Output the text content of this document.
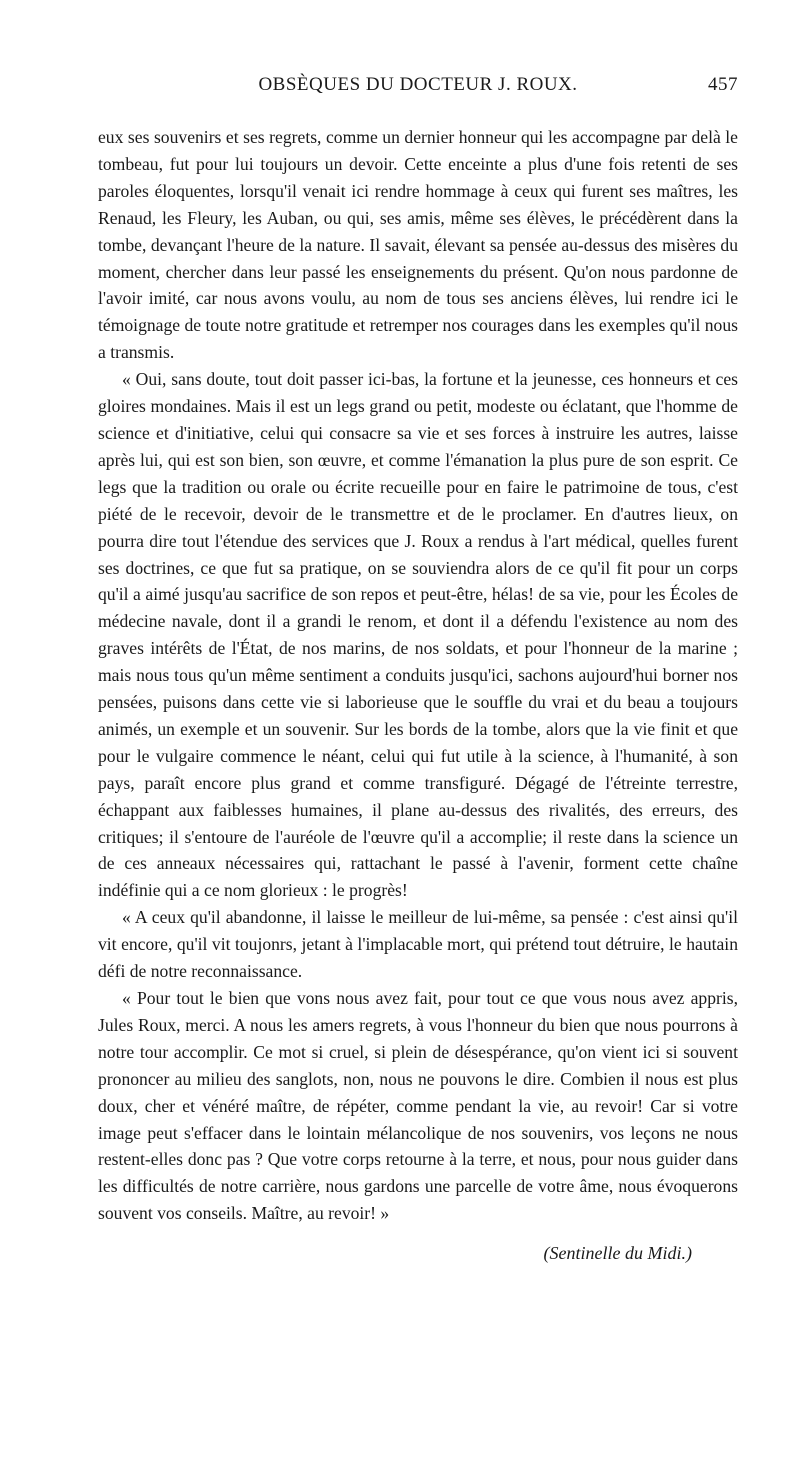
OBSÈQUES DU DOCTEUR J. ROUX.	457

eux ses souvenirs et ses regrets, comme un dernier honneur qui les accompagne par delà le tombeau, fut pour lui toujours un devoir. Cette enceinte a plus d'une fois retenti de ses paroles éloquentes, lorsqu'il venait ici rendre hommage à ceux qui furent ses maîtres, les Renaud, les Fleury, les Auban, ou qui, ses amis, même ses élèves, le précédèrent dans la tombe, devançant l'heure de la nature. Il savait, élevant sa pensée au-dessus des misères du moment, chercher dans leur passé les enseignements du présent. Qu'on nous pardonne de l'avoir imité, car nous avons voulu, au nom de tous ses anciens élèves, lui rendre ici le témoignage de toute notre gratitude et retremper nos courages dans les exemples qu'il nous a transmis.

« Oui, sans doute, tout doit passer ici-bas, la fortune et la jeunesse, ces honneurs et ces gloires mondaines. Mais il est un legs grand ou petit, modeste ou éclatant, que l'homme de science et d'initiative, celui qui consacre sa vie et ses forces à instruire les autres, laisse après lui, qui est son bien, son œuvre, et comme l'émanation la plus pure de son esprit. Ce legs que la tradition ou orale ou écrite recueille pour en faire le patrimoine de tous, c'est piété de le recevoir, devoir de le transmettre et de le proclamer. En d'autres lieux, on pourra dire tout l'étendue des services que J. Roux a rendus à l'art médical, quelles furent ses doctrines, ce que fut sa pratique, on se souviendra alors de ce qu'il fit pour un corps qu'il a aimé jusqu'au sacrifice de son repos et peut-être, hélas! de sa vie, pour les Écoles de médecine navale, dont il a grandi le renom, et dont il a défendu l'existence au nom des graves intérêts de l'État, de nos marins, de nos soldats, et pour l'honneur de la marine ; mais nous tous qu'un même sentiment a conduits jusqu'ici, sachons aujourd'hui borner nos pensées, puisons dans cette vie si laborieuse que le souffle du vrai et du beau a toujours animés, un exemple et un souvenir. Sur les bords de la tombe, alors que la vie finit et que pour le vulgaire commence le néant, celui qui fut utile à la science, à l'humanité, à son pays, paraît encore plus grand et comme transfiguré. Dégagé de l'étreinte terrestre, échappant aux faiblesses humaines, il plane au-dessus des rivalités, des erreurs, des critiques; il s'entoure de l'auréole de l'œuvre qu'il a accomplie; il reste dans la science un de ces anneaux nécessaires qui, rattachant le passé à l'avenir, forment cette chaîne indéfinie qui a ce nom glorieux : le progrès!

« A ceux qu'il abandonne, il laisse le meilleur de lui-même, sa pensée : c'est ainsi qu'il vit encore, qu'il vit toujonrs, jetant à l'implacable mort, qui prétend tout détruire, le hautain défi de notre reconnaissance.

« Pour tout le bien que vons nous avez fait, pour tout ce que vous nous avez appris, Jules Roux, merci. A nous les amers regrets, à vous l'honneur du bien que nous pourrons à notre tour accomplir. Ce mot si cruel, si plein de désespérance, qu'on vient ici si souvent prononcer au milieu des sanglots, non, nous ne pouvons le dire. Combien il nous est plus doux, cher et vénéré maître, de répéter, comme pendant la vie, au revoir! Car si votre image peut s'effacer dans le lointain mélancolique de nos souvenirs, vos leçons ne nous restent-elles donc pas ? Que votre corps retourne à la terre, et nous, pour nous guider dans les difficultés de notre carrière, nous gardons une parcelle de votre âme, nous évoquerons souvent vos conseils. Maître, au revoir! »

(Sentinelle du Midi.)
